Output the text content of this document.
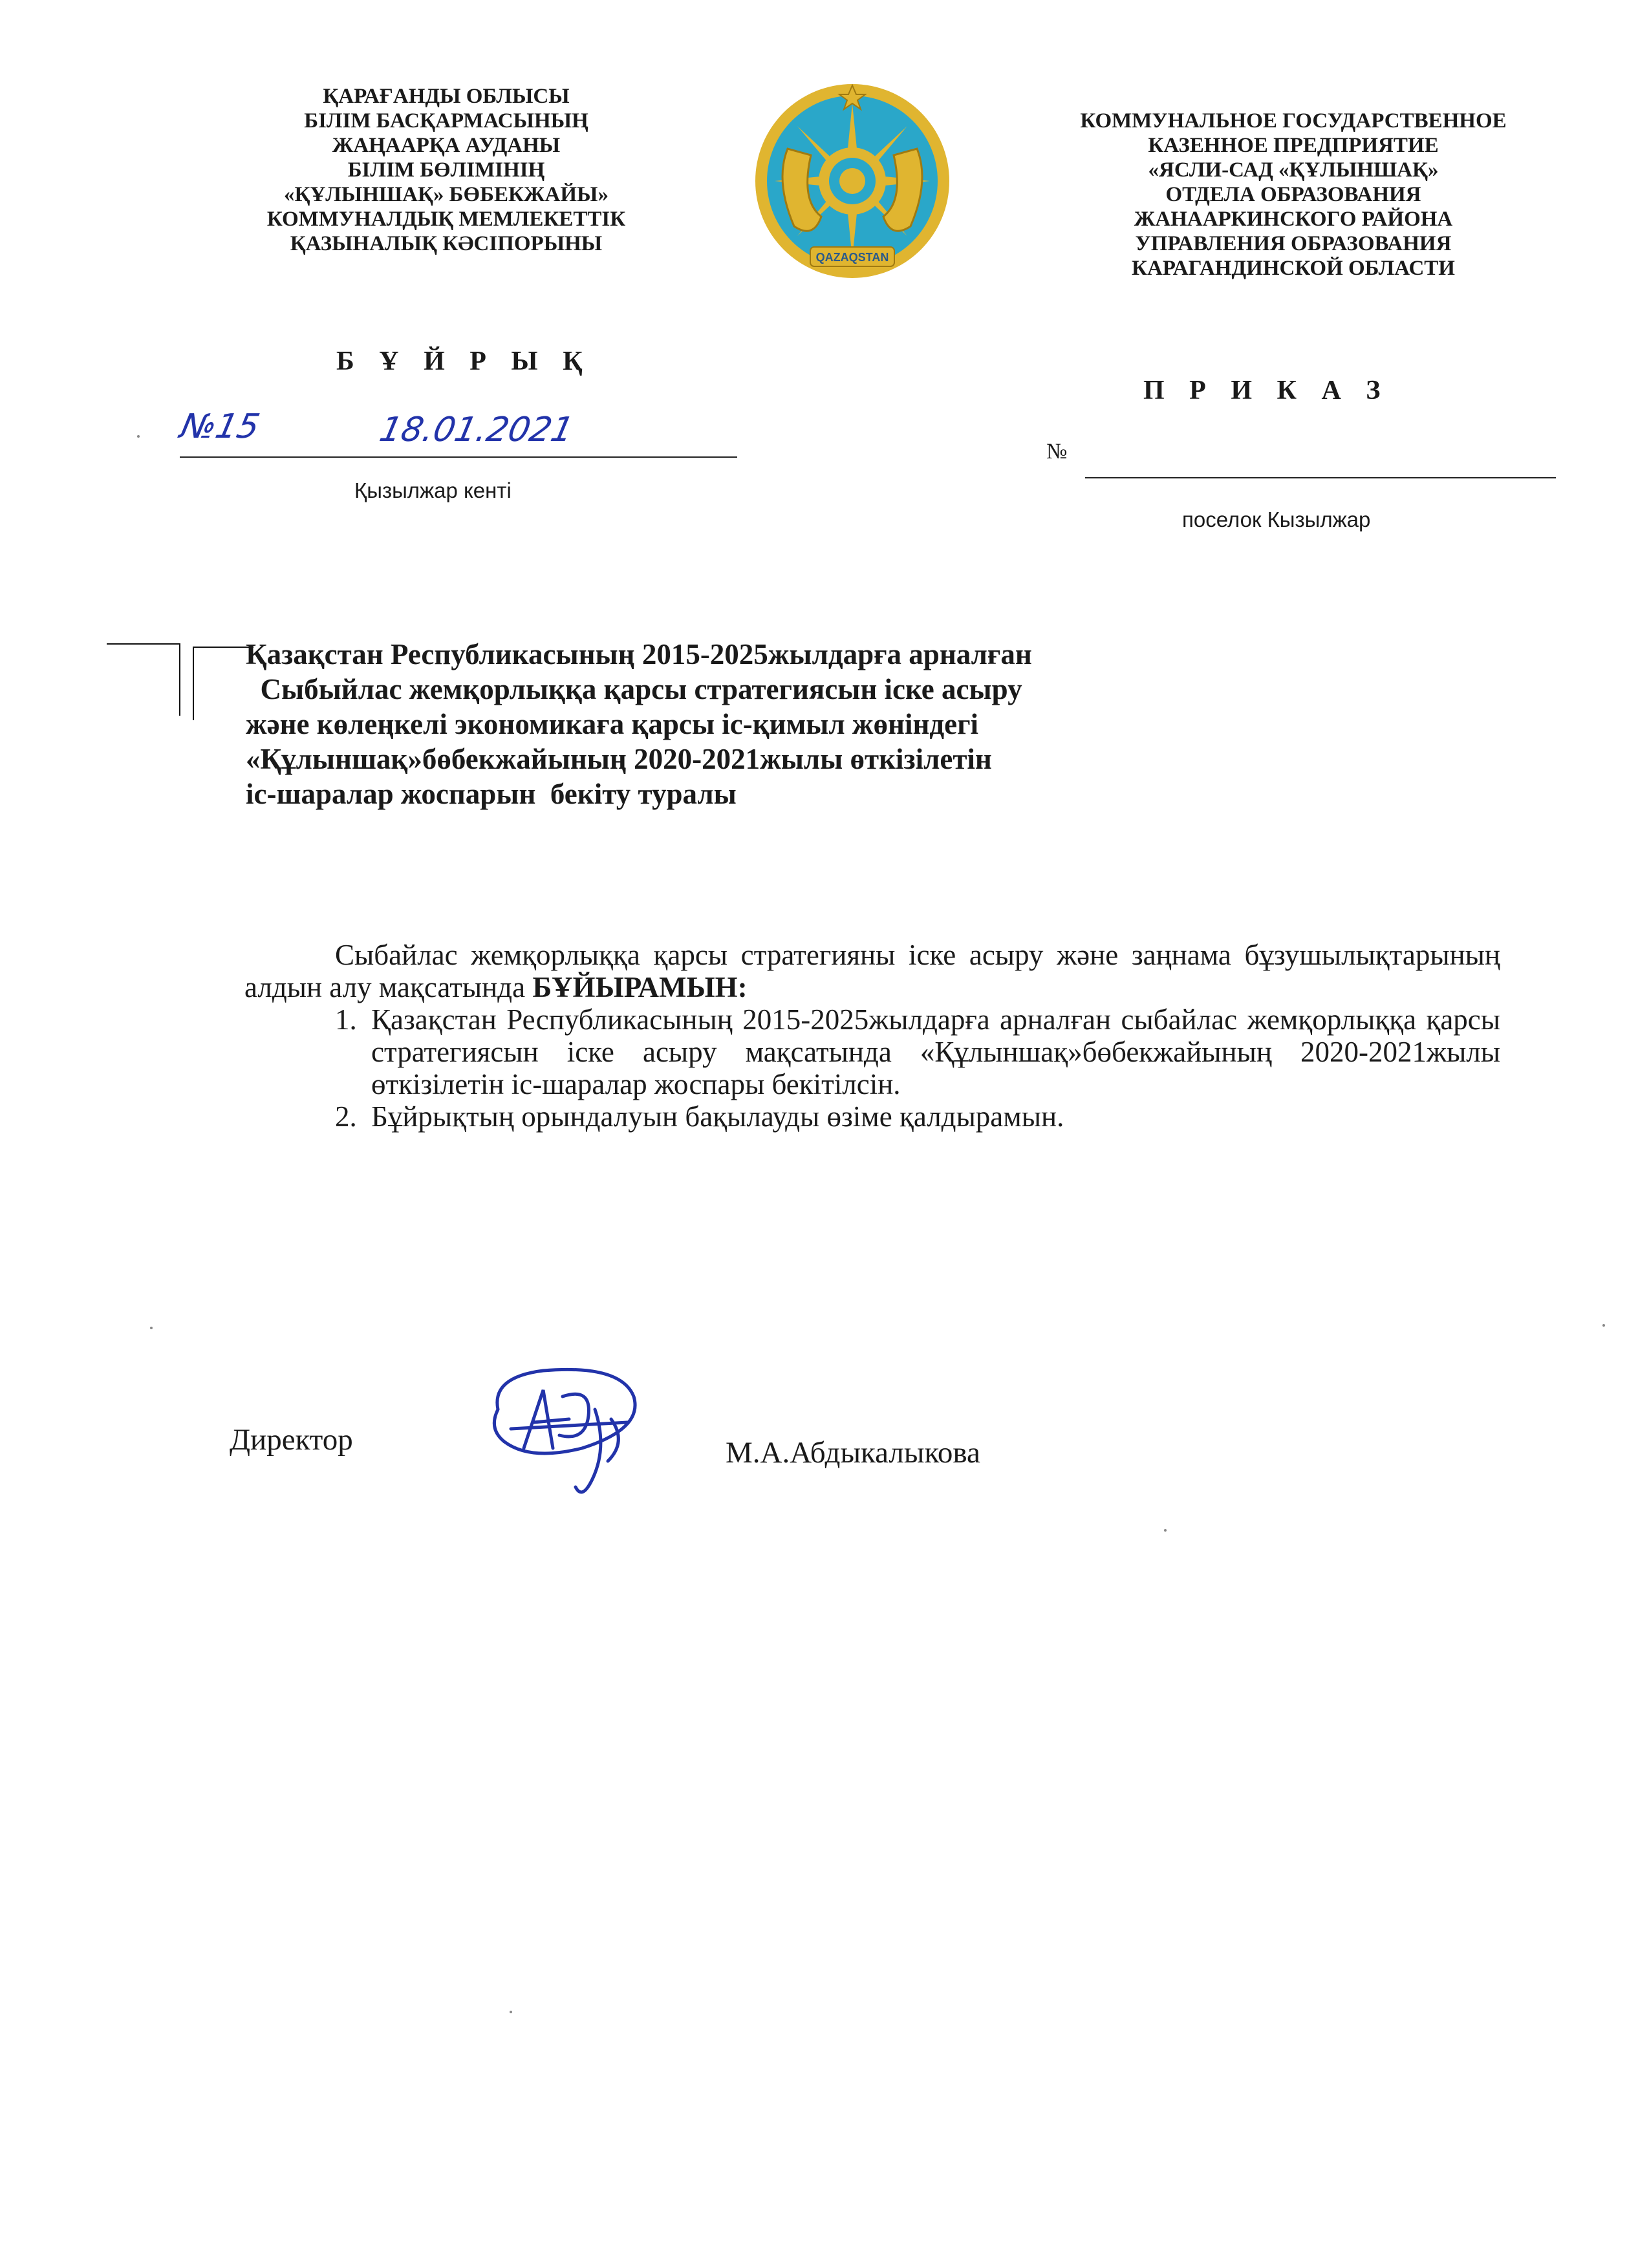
ҚАРАҒАНДЫ ОБЛЫСЫ
БІЛІМ БАСҚАРМАСЫНЫҢ
ЖАҢААРҚА АУДАНЫ
БІЛІМ БӨЛІМІНІҢ
«ҚҰЛЫНШАҚ» БӨБЕКЖАЙЫ»
КОММУНАЛДЫҚ МЕМЛЕКЕТТІК
ҚАЗЫНАЛЫҚ КӘСІПОРЫНЫ
QAZAQSTAN
КОММУНАЛЬНОЕ ГОСУДАРСТВЕННОЕ
КАЗЕННОЕ ПРЕДПРИЯТИЕ
«ЯСЛИ-САД «ҚҰЛЫНШАҚ»
ОТДЕЛА ОБРАЗОВАНИЯ
ЖАНААРКИНСКОГО РАЙОНА
УПРАВЛЕНИЯ ОБРАЗОВАНИЯ
КАРАГАНДИНСКОЙ ОБЛАСТИ
Б Ұ Й Р Ы Қ
П Р И К А З
№15	18.01.2021
№
Қызылжар кенті
поселок Кызылжар
Қазақстан Республикасының 2015-2025жылдарға арналған
Сыбыйлас жемқорлыққа қарсы стратегиясын іске асыру
және көлеңкелі экономикаға қарсы іс-қимыл жөніндегі
«Құлыншақ»бөбекжайының 2020-2021жылы өткізілетін
іс-шаралар жоспарын  бекіту туралы
Сыбайлас жемқорлыққа қарсы стратегияны іске асыру және заңнама бұзушылықтарының алдын алу мақсатында БҰЙЫРАМЫН:
1. Қазақстан Республикасының 2015-2025жылдарға арналған сыбайлас жемқорлыққа қарсы стратегиясын іске асыру мақсатында «Құлыншақ»бөбекжайының 2020-2021жылы өткізілетін іс-шаралар жоспары бекітілсін.
2. Бұйрықтың орындалуын бақылауды өзіме қалдырамын.
Директор	М.А.Абдыкалыкова
